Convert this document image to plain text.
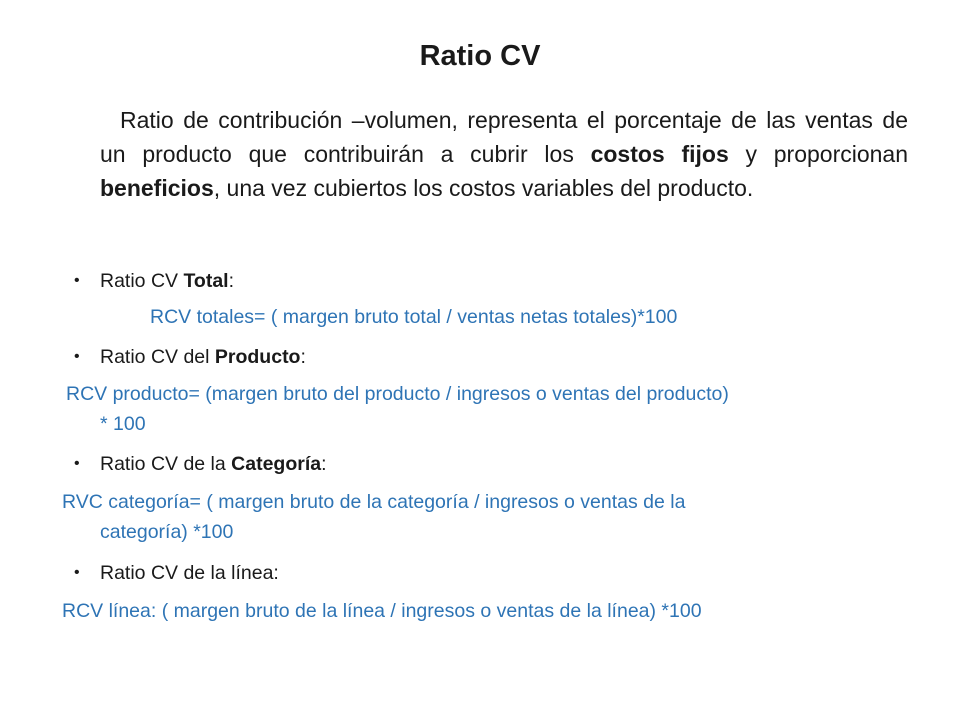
Ratio CV
Ratio de contribución –volumen, representa el porcentaje de las ventas de un producto que contribuirán a cubrir los costos fijos y proporcionan beneficios, una vez cubiertos los costos variables del producto.
• Ratio CV Total:
RCV totales= ( margen bruto total / ventas netas totales)*100
• Ratio CV del Producto:
RCV producto= (margen bruto del producto / ingresos o ventas del producto)
* 100
• Ratio CV de la Categoría:
RVC categoría= ( margen bruto de la categoría / ingresos o ventas de la
categoría) *100
• Ratio CV de la línea:
RCV línea: ( margen bruto de la línea / ingresos o ventas de la línea) *100
